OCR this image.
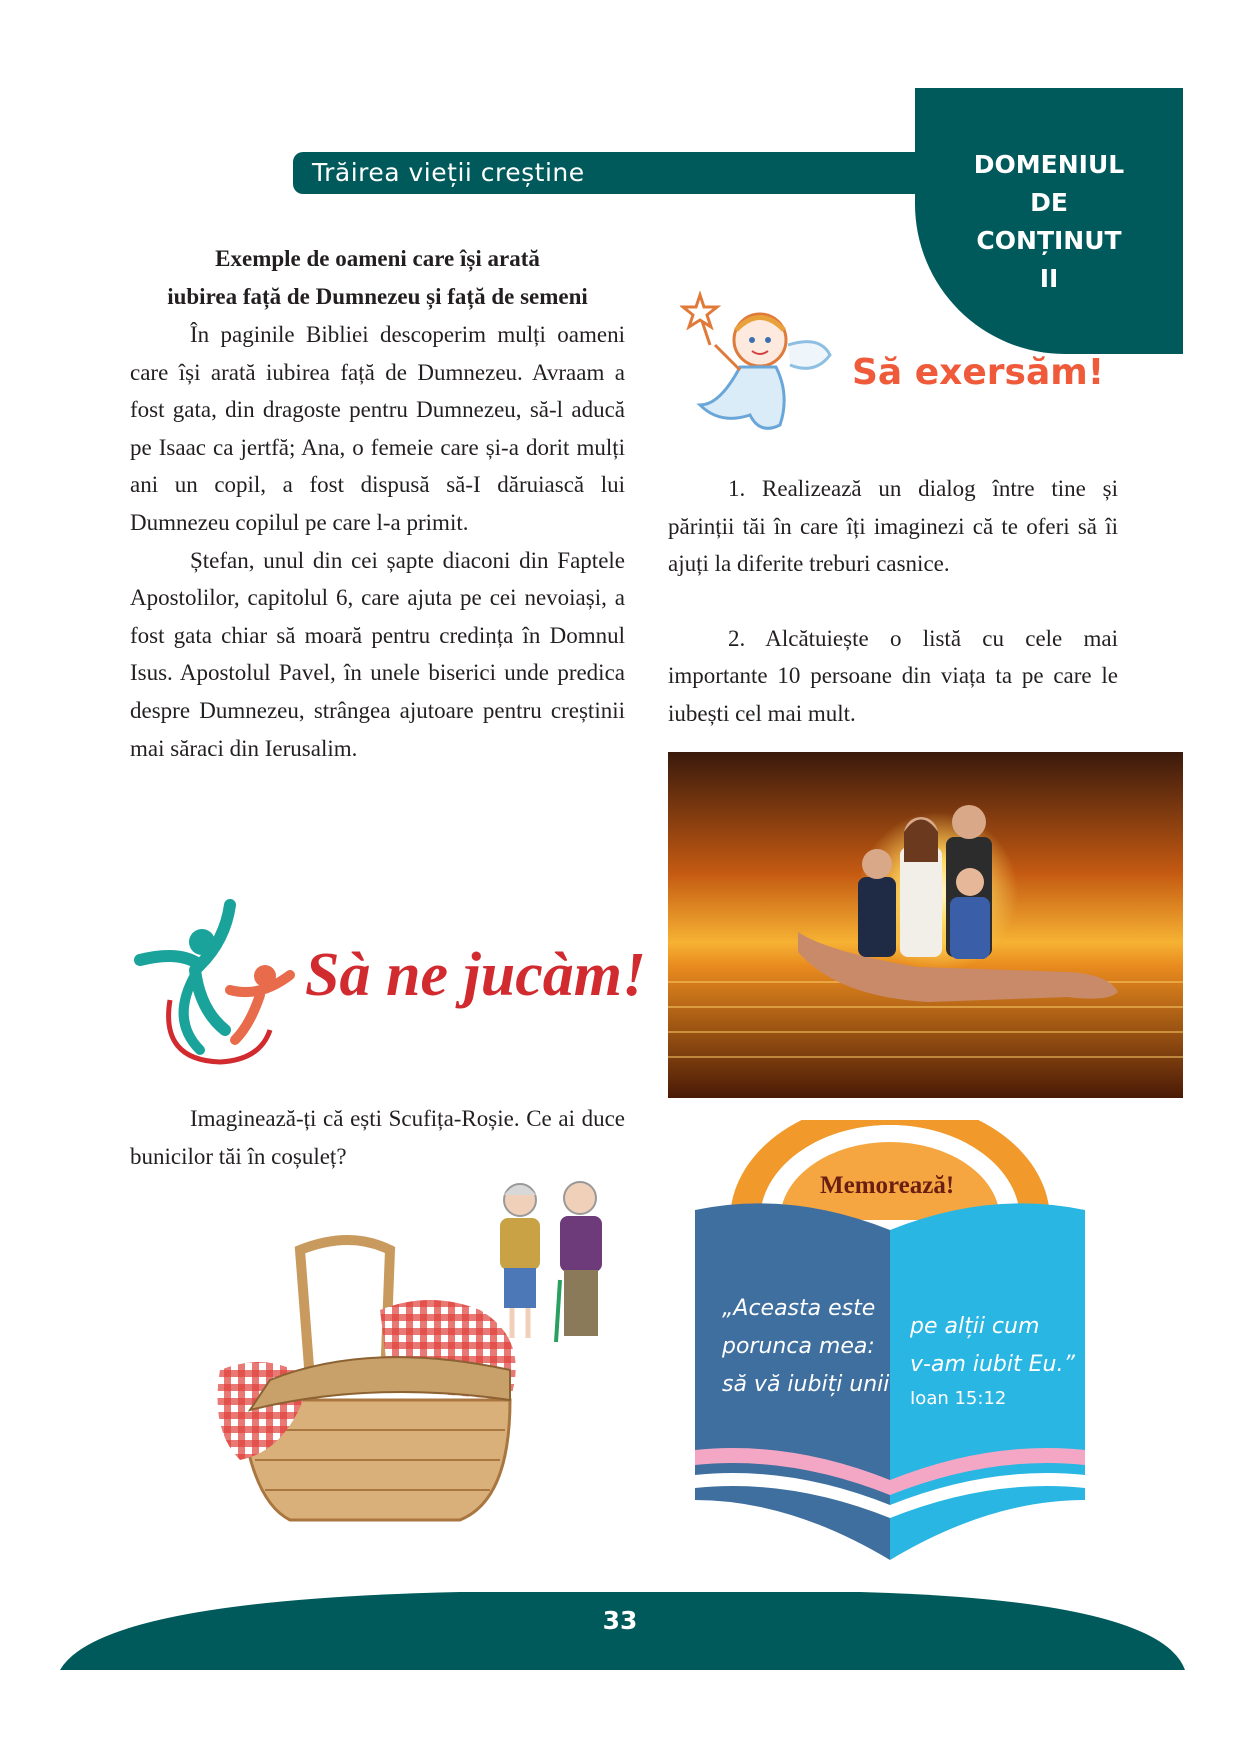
Trăirea vieții creștine	DOMENIUL
DE
CONȚINUT
II
Exemple de oameni care își arată
iubirea față de Dumnezeu și față de semeni

În paginile Bibliei descoperim mulți oameni care își arată iubirea față de Dumnezeu. Avraam a fost gata, din dragoste pentru Dumnezeu, să-l aducă pe Isaac ca jertfă; Ana, o femeie care și-a dorit mulți ani un copil, a fost dispusă să-I dăruiască lui Dumnezeu copilul pe care l-a primit.

Ștefan, unul din cei șapte diaconi din Faptele Apostolilor, capitolul 6, care ajuta pe cei nevoiași, a fost gata chiar să moară pentru credința în Domnul Isus. Apostolul Pavel, în unele biserici unde predica despre Dumnezeu, strângea ajutoare pentru creștinii mai săraci din Ierusalim.

Să exersăm!

1. Realizează un dialog între tine și părinții tăi în care îți imaginezi că te oferi să îi ajuți la diferite treburi casnice.

2. Alcătuiește o listă cu cele mai importante 10 persoane din viața ta pe care le iubești cel mai mult.

Sà ne jucàm!

Imaginează-ți că ești Scufița-Roșie. Ce ai duce bunicilor tăi în coșuleț?

Memorează!
„Aceasta este
porunca mea:
să vă iubiți unii
pe alții cum
v-am iubit Eu.”
Ioan 15:12
33
